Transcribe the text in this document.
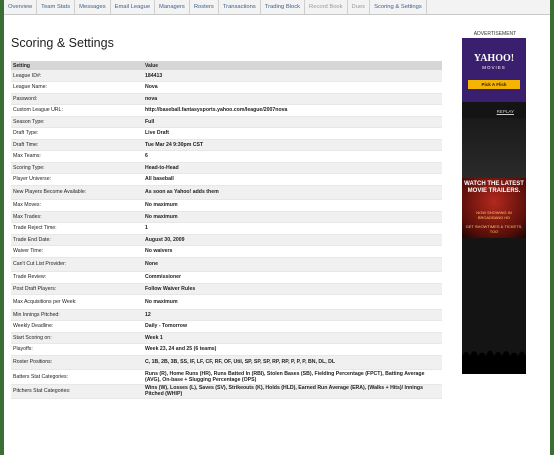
Overview	Team Stats	Messages	Email League	Managers	Rosters	Transactions	Trading Block	Record Book	Dues	Scoring & Settings
Scoring & Settings
Setting	Value
League ID#:	184413
League Name:	Nova
Password:	nova
Custom League URL:	http://baseball.fantasysports.yahoo.com/league/2007nova
Season Type:	Full
Draft Type:	Live Draft
Draft Time:	Tue Mar 24 9:30pm CST
Max Teams:	6
Scoring Type:	Head-to-Head
Player Universe:	All baseball
New Players Become Available:	As soon as Yahoo! adds them
Max Moves:	No maximum
Max Trades:	No maximum
Trade Reject Time:	1
Trade End Date:	August 30, 2009
Waiver Time:	No waivers
Can't Cut List Provider:	None
Trade Review:	Commissioner
Post Draft Players:	Follow Waiver Rules
Max Acquisitions per Week:	No maximum
Min Innings Pitched:	12
Weekly Deadline:	Daily - Tomorrow
Start Scoring on:	Week 1
Playoffs:	Week 23, 24 and 25 (6 teams)
Roster Positions:	C, 1B, 2B, 3B, SS, IF, LF, CF, RF, OF, Util, SP, SP, SP, RP, RP, P, P, P, BN, DL, DL
Batters Stat Categories:	Runs (R), Home Runs (HR), Runs Batted In (RBI), Stolen Bases (SB), Fielding Percentage (FPCT), Batting Average (AVG), On-base + Slugging Percentage (OPS)
Pitchers Stat Categories:	Wins (W), Losses (L), Saves (SV), Strikeouts (K), Holds (HLD), Earned Run Average (ERA), (Walks + Hits)/ Innings Pitched (WHIP)
ADVERTISEMENT
YAHOO!
MOVIES
Pick A Flick
REPLAY
WATCH THE LATEST MOVIE TRAILERS.
NOW SHOWING IN BROADBAND HD
GET SHOWTIMES & TICKETS, TOO
